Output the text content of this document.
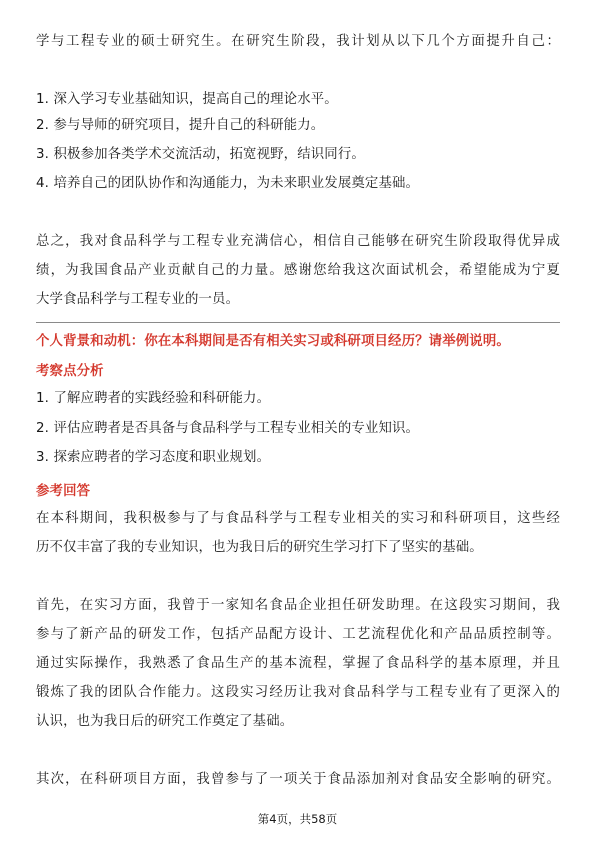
学与工程专业的硕士研究生。在研究生阶段，我计划从以下几个方面提升自己：
1. 深入学习专业基础知识，提高自己的理论水平。
2. 参与导师的研究项目，提升自己的科研能力。
3. 积极参加各类学术交流活动，拓宽视野，结识同行。
4. 培养自己的团队协作和沟通能力，为未来职业发展奠定基础。
总之，我对食品科学与工程专业充满信心，相信自己能够在研究生阶段取得优异成
绩，为我国食品产业贡献自己的力量。感谢您给我这次面试机会，希望能成为宁夏
大学食品科学与工程专业的一员。
个人背景和动机：你在本科期间是否有相关实习或科研项目经历？请举例说明。
考察点分析
1. 了解应聘者的实践经验和科研能力。
2. 评估应聘者是否具备与食品科学与工程专业相关的专业知识。
3. 探索应聘者的学习态度和职业规划。
参考回答
在本科期间，我积极参与了与食品科学与工程专业相关的实习和科研项目，这些经
历不仅丰富了我的专业知识，也为我日后的研究生学习打下了坚实的基础。
首先，在实习方面，我曾于一家知名食品企业担任研发助理。在这段实习期间，我
参与了新产品的研发工作，包括产品配方设计、工艺流程优化和产品品质控制等。
通过实际操作，我熟悉了食品生产的基本流程，掌握了食品科学的基本原理，并且
锻炼了我的团队合作能力。这段实习经历让我对食品科学与工程专业有了更深入的
认识，也为我日后的研究工作奠定了基础。
其次，在科研项目方面，我曾参与了一项关于食品添加剂对食品安全影响的研究。
第4页，共58页
